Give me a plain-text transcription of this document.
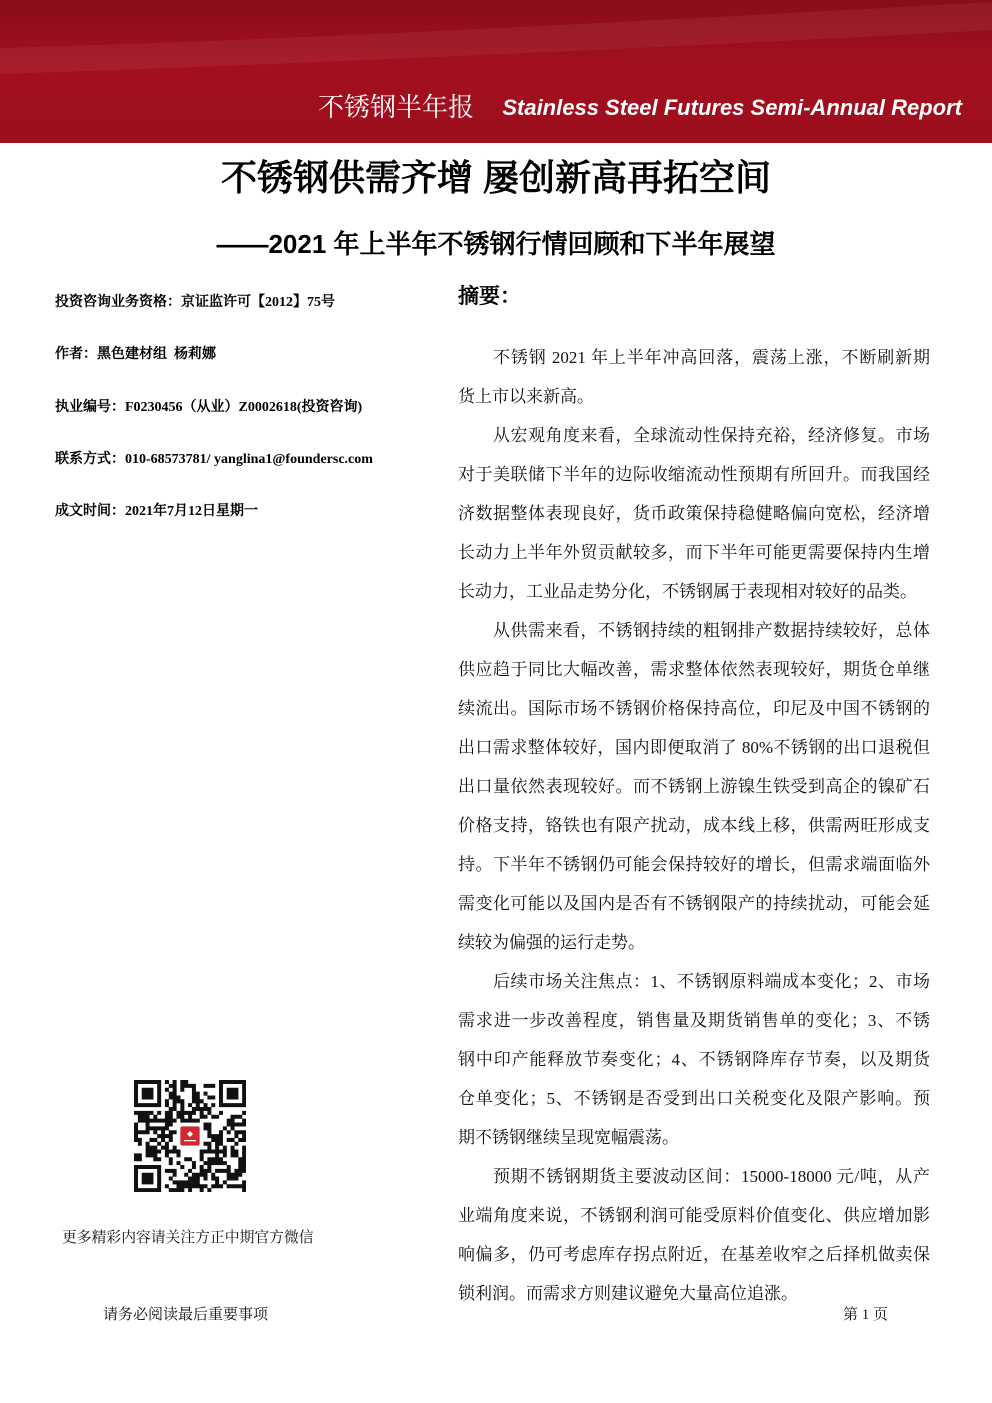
不锈钢半年报 Stainless Steel Futures Semi-Annual Report
不锈钢供需齐增 屡创新高再拓空间
——2021 年上半年不锈钢行情回顾和下半年展望
投资咨询业务资格：京证监许可【2012】75号
作者：黑色建材组  杨莉娜
执业编号：F0230456（从业）Z0002618(投资咨询)
联系方式：010-68573781/ yanglina1@foundersc.com
成文时间：2021年7月12日星期一
摘要：
不锈钢 2021 年上半年冲高回落，震荡上涨，不断刷新期
货上市以来新高。
从宏观角度来看，全球流动性保持充裕，经济修复。市场
对于美联储下半年的边际收缩流动性预期有所回升。而我国经
济数据整体表现良好，货币政策保持稳健略偏向宽松，经济增
长动力上半年外贸贡献较多，而下半年可能更需要保持内生增
长动力，工业品走势分化，不锈钢属于表现相对较好的品类。
从供需来看，不锈钢持续的粗钢排产数据持续较好，总体
供应趋于同比大幅改善，需求整体依然表现较好，期货仓单继
续流出。国际市场不锈钢价格保持高位，印尼及中国不锈钢的
出口需求整体较好，国内即便取消了 80%不锈钢的出口退税但
出口量依然表现较好。而不锈钢上游镍生铁受到高企的镍矿石
价格支持，铬铁也有限产扰动，成本线上移，供需两旺形成支
持。下半年不锈钢仍可能会保持较好的增长，但需求端面临外
需变化可能以及国内是否有不锈钢限产的持续扰动，可能会延
续较为偏强的运行走势。
后续市场关注焦点：1、不锈钢原料端成本变化；2、市场
需求进一步改善程度，销售量及期货销售单的变化；3、不锈
钢中印产能释放节奏变化；4、不锈钢降库存节奏，以及期货
仓单变化；5、不锈钢是否受到出口关税变化及限产影响。预
期不锈钢继续呈现宽幅震荡。
预期不锈钢期货主要波动区间：15000-18000 元/吨，从产
业端角度来说，不锈钢利润可能受原料价值变化、供应增加影
响偏多，仍可考虑库存拐点附近，在基差收窄之后择机做卖保
锁利润。而需求方则建议避免大量高位追涨。
更多精彩内容请关注方正中期官方微信
请务必阅读最后重要事项	第 1 页
